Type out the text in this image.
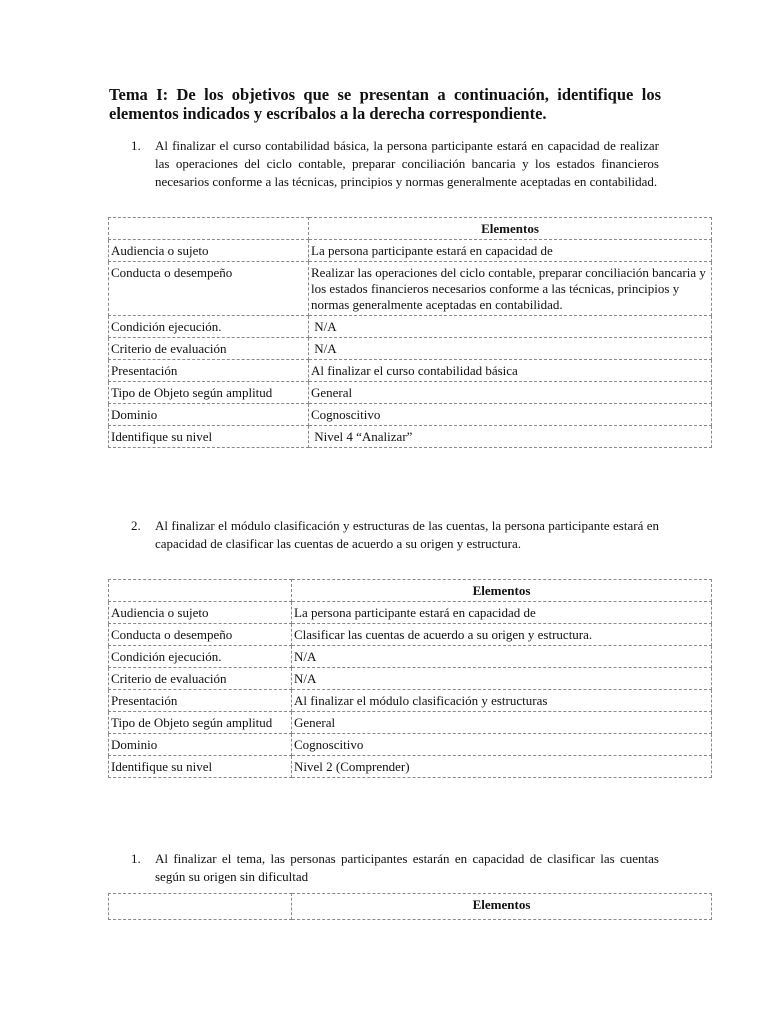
Tema I: De los objetivos que se presentan a continuación, identifique los elementos indicados y escríbalos a la derecha correspondiente.
1. Al finalizar el curso contabilidad básica, la persona participante estará en capacidad de realizar las operaciones del ciclo contable, preparar conciliación bancaria y los estados financieros necesarios conforme a las técnicas, principios y normas generalmente aceptadas en contabilidad.
	Elementos
Audiencia o sujeto	La persona participante estará en capacidad de
Conducta o desempeño	Realizar las operaciones del ciclo contable, preparar conciliación bancaria y los estados financieros necesarios conforme a las técnicas, principios y normas generalmente aceptadas en contabilidad.
Condición ejecución.	N/A
Criterio de evaluación	N/A
Presentación	Al finalizar el curso contabilidad básica
Tipo de Objeto según amplitud	General
Dominio	Cognoscitivo
Identifique su nivel	Nivel 4 “Analizar”
2. Al finalizar el módulo clasificación y estructuras de las cuentas, la persona participante estará en capacidad de clasificar las cuentas de acuerdo a su origen y estructura.
	Elementos
Audiencia o sujeto	La persona participante estará en capacidad de
Conducta o desempeño	Clasificar las cuentas de acuerdo a su origen y estructura.
Condición ejecución.	N/A
Criterio de evaluación	N/A
Presentación	Al finalizar el módulo clasificación y estructuras
Tipo de Objeto según amplitud	General
Dominio	Cognoscitivo
Identifique su nivel	Nivel 2 (Comprender)
1. Al finalizar el tema, las personas participantes estarán en capacidad de clasificar las cuentas según su origen sin dificultad
	Elementos
